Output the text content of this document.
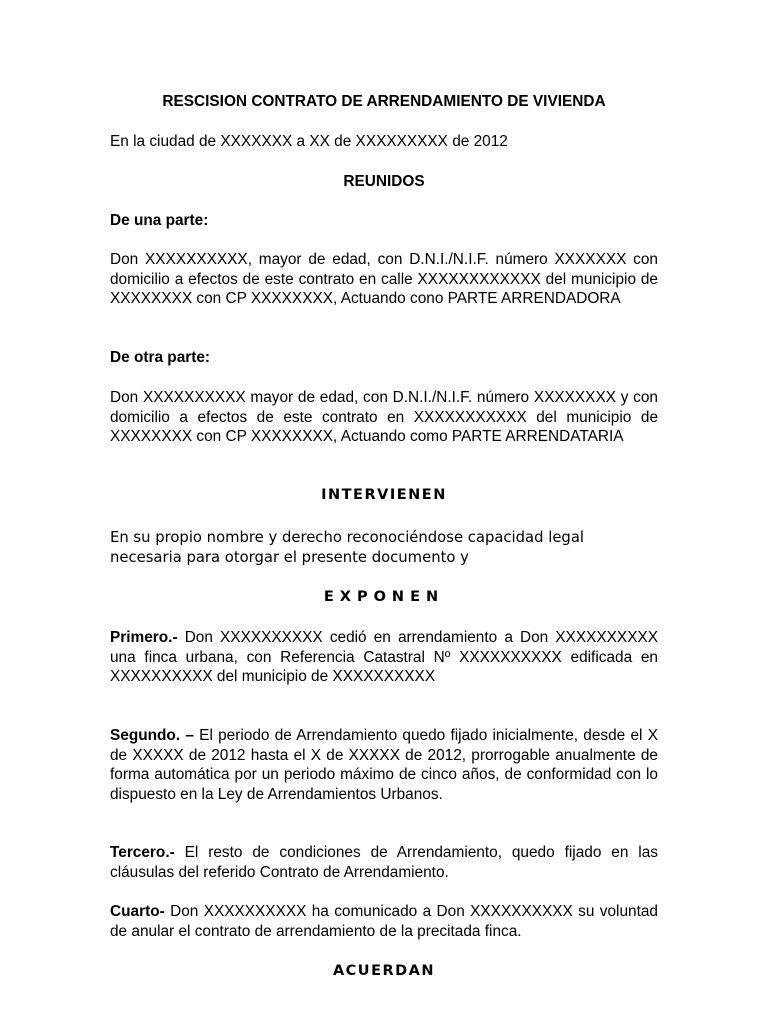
RESCISION CONTRATO DE ARRENDAMIENTO DE VIVIENDA
En la ciudad de XXXXXXX a XX de XXXXXXXXX de 2012
REUNIDOS
De una parte:
Don XXXXXXXXXX, mayor de edad, con D.N.I./N.I.F. número XXXXXXX con domicilio a efectos de este contrato en calle XXXXXXXXXXXX del municipio de XXXXXXXX con CP XXXXXXXX, Actuando cono PARTE ARRENDADORA
De otra parte:
Don XXXXXXXXXX mayor de edad, con D.N.I./N.I.F. número XXXXXXXX y con domicilio a efectos de este contrato en XXXXXXXXXXX del municipio de XXXXXXXX con CP XXXXXXXX, Actuando como PARTE ARRENDATARIA
INTERVIENEN
En su propio nombre y derecho reconociéndose capacidad legal necesaria para otorgar el presente documento y
EXPONEN
Primero.- Don XXXXXXXXXX cedió en arrendamiento a Don XXXXXXXXXX una finca urbana, con Referencia Catastral Nº XXXXXXXXXX edificada en XXXXXXXXXX del municipio de XXXXXXXXXX
Segundo. – El periodo de Arrendamiento quedo fijado inicialmente, desde el X de XXXXX de 2012 hasta el X de XXXXX de 2012, prorrogable anualmente de forma automática por un periodo máximo de cinco años, de conformidad con lo dispuesto en la Ley de Arrendamientos Urbanos.
Tercero.- El resto de condiciones de Arrendamiento, quedo fijado en las cláusulas del referido Contrato de Arrendamiento.
Cuarto- Don XXXXXXXXXX ha comunicado a Don XXXXXXXXXX su voluntad de anular el contrato de arrendamiento de la precitada finca.
ACUERDAN
